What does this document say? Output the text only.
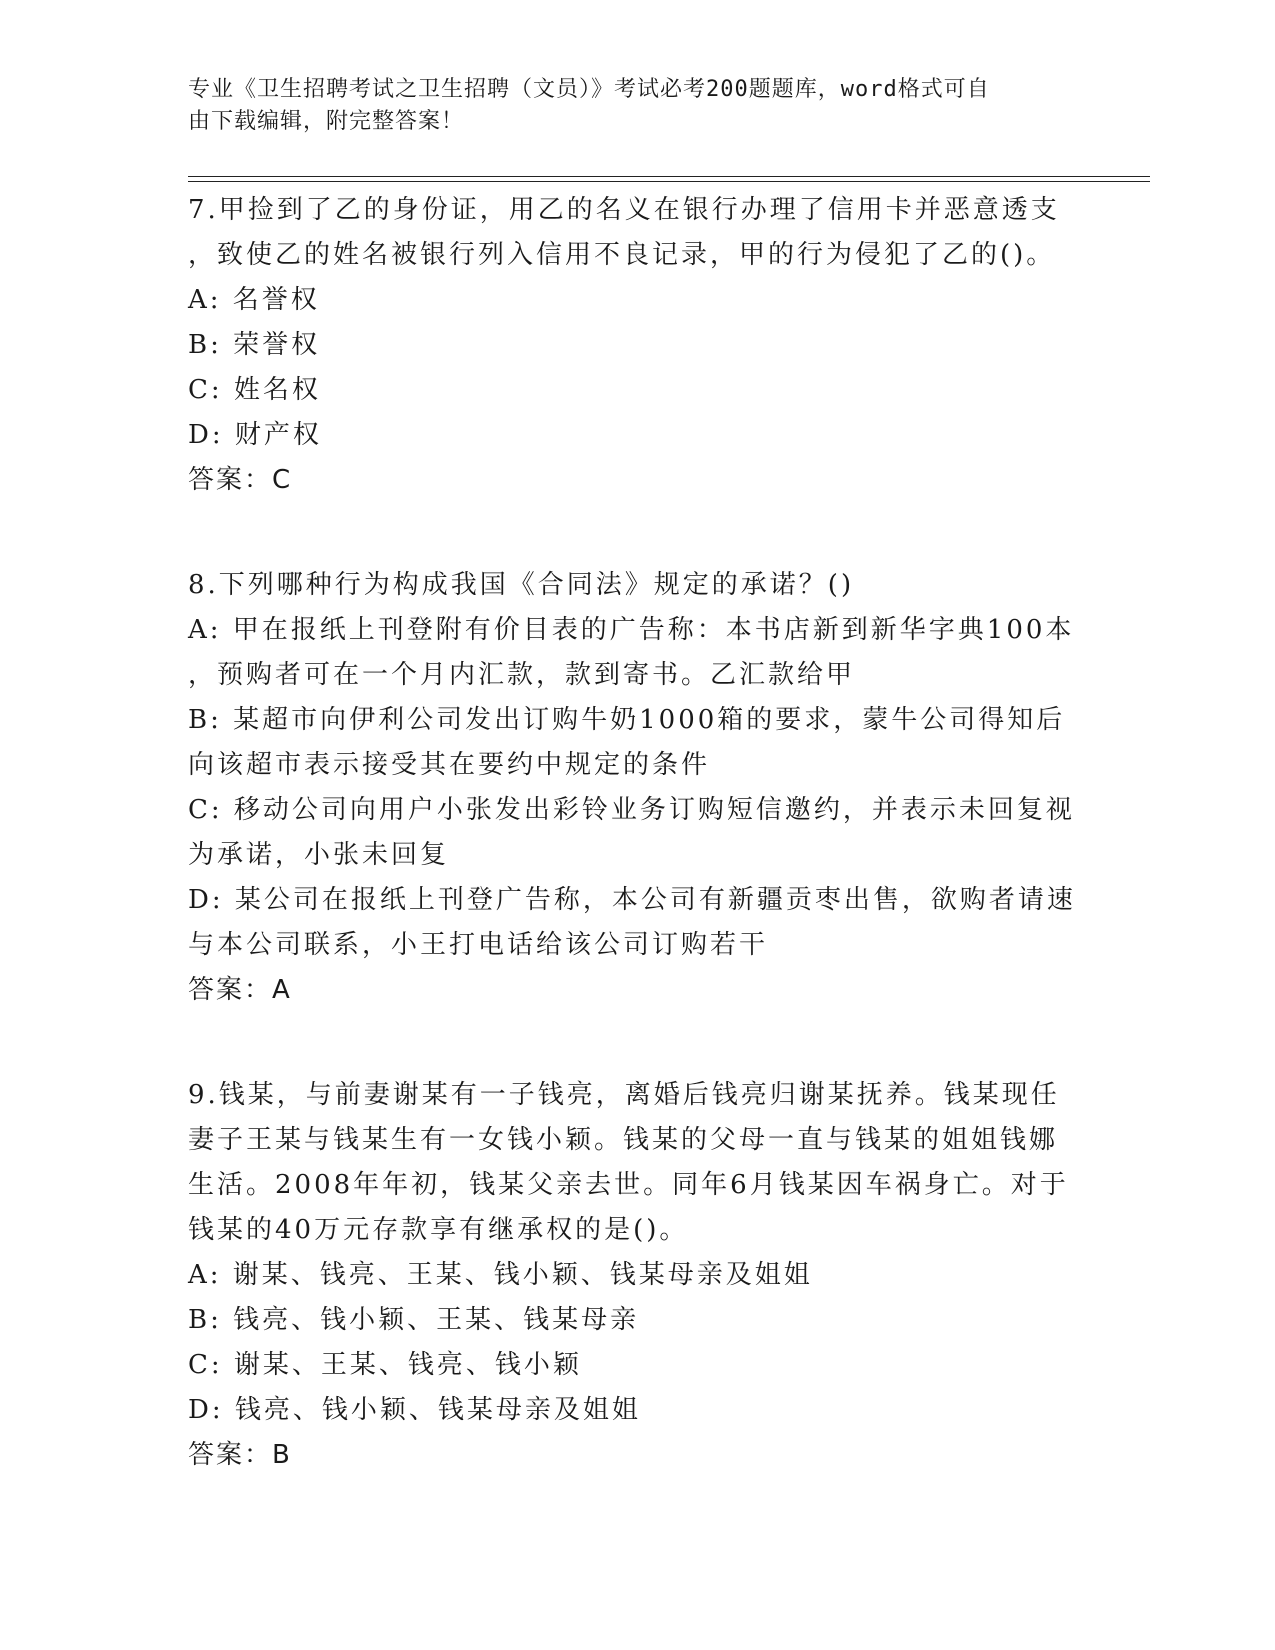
专业《卫生招聘考试之卫生招聘（文员）》考试必考200题题库，word格式可自
由下载编辑，附完整答案！
7.甲捡到了乙的身份证，用乙的名义在银行办理了信用卡并恶意透支
，致使乙的姓名被银行列入信用不良记录，甲的行为侵犯了乙的()。
A: 名誉权
B: 荣誉权
C: 姓名权
D: 财产权
答案：C
8.下列哪种行为构成我国《合同法》规定的承诺？()
A: 甲在报纸上刊登附有价目表的广告称：本书店新到新华字典100本
，预购者可在一个月内汇款，款到寄书。乙汇款给甲
B: 某超市向伊利公司发出订购牛奶1000箱的要求，蒙牛公司得知后
向该超市表示接受其在要约中规定的条件
C: 移动公司向用户小张发出彩铃业务订购短信邀约，并表示未回复视
为承诺，小张未回复
D: 某公司在报纸上刊登广告称，本公司有新疆贡枣出售，欲购者请速
与本公司联系，小王打电话给该公司订购若干
答案：A
9.钱某，与前妻谢某有一子钱亮，离婚后钱亮归谢某抚养。钱某现任
妻子王某与钱某生有一女钱小颖。钱某的父母一直与钱某的姐姐钱娜
生活。2008年年初，钱某父亲去世。同年6月钱某因车祸身亡。对于
钱某的40万元存款享有继承权的是()。
A: 谢某、钱亮、王某、钱小颖、钱某母亲及姐姐
B: 钱亮、钱小颖、王某、钱某母亲
C: 谢某、王某、钱亮、钱小颖
D: 钱亮、钱小颖、钱某母亲及姐姐
答案：B
